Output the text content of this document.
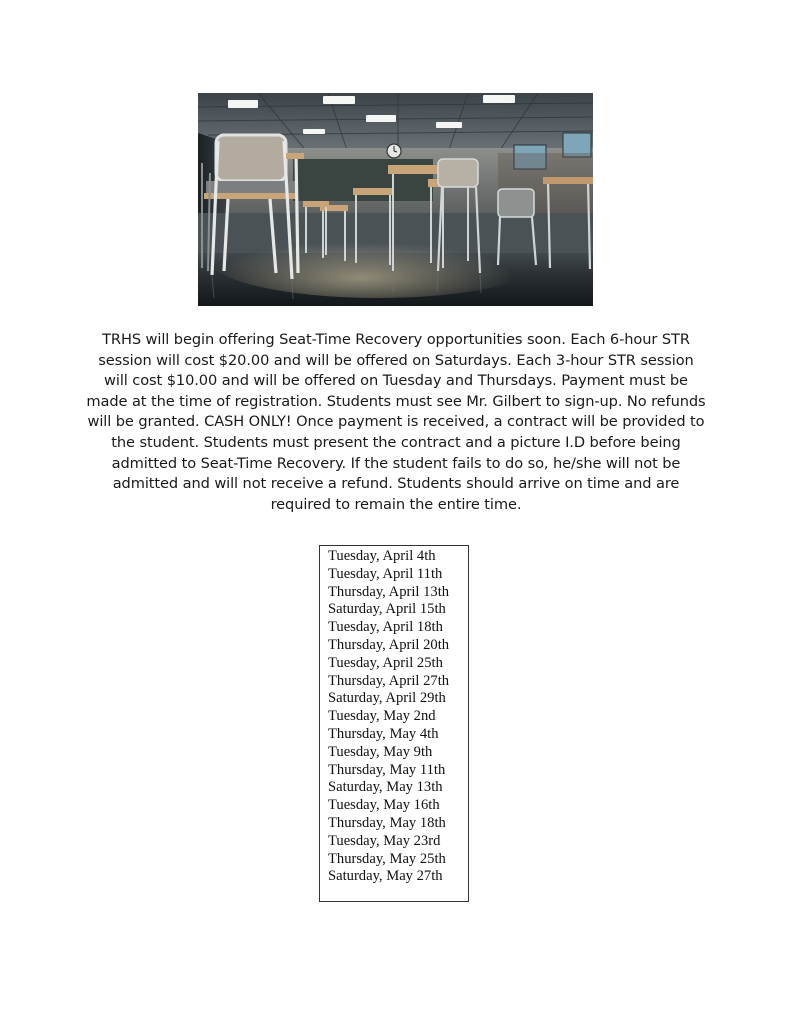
TRHS will begin offering Seat-Time Recovery opportunities soon. Each 6-hour STR session will cost $20.00 and will be offered on Saturdays. Each 3-hour STR session will cost $10.00 and will be offered on Tuesday and Thursdays. Payment must be made at the time of registration. Students must see Mr. Gilbert to sign-up. No refunds will be granted. CASH ONLY! Once payment is received, a contract will be provided to the student. Students must present the contract and a picture I.D before being admitted to Seat-Time Recovery. If the student fails to do so, he/she will not be admitted and will not receive a refund. Students should arrive on time and are required to remain the entire time.

Tuesday, April 4th
Tuesday, April 11th
Thursday, April 13th
Saturday, April 15th
Tuesday, April 18th
Thursday, April 20th
Tuesday, April 25th
Thursday, April 27th
Saturday, April 29th
Tuesday, May 2nd
Thursday, May 4th
Tuesday, May 9th
Thursday, May 11th
Saturday, May 13th
Tuesday, May 16th
Thursday, May 18th
Tuesday, May 23rd
Thursday, May 25th
Saturday, May 27th
